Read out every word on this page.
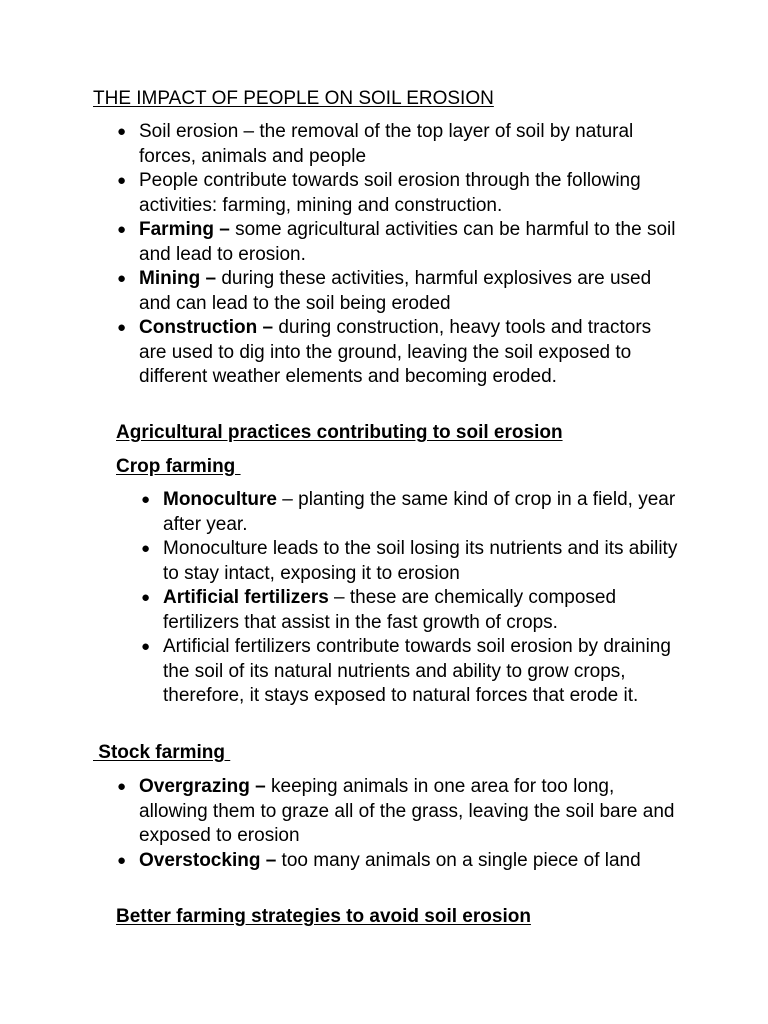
THE IMPACT OF PEOPLE ON SOIL EROSION
● Soil erosion – the removal of the top layer of soil by natural forces, animals and people
● People contribute towards soil erosion through the following activities: farming, mining and construction.
● Farming – some agricultural activities can be harmful to the soil and lead to erosion.
● Mining – during these activities, harmful explosives are used and can lead to the soil being eroded
● Construction – during construction, heavy tools and tractors are used to dig into the ground, leaving the soil exposed to different weather elements and becoming eroded.
Agricultural practices contributing to soil erosion
Crop farming
● Monoculture – planting the same kind of crop in a field, year after year.
● Monoculture leads to the soil losing its nutrients and its ability to stay intact, exposing it to erosion
● Artificial fertilizers – these are chemically composed fertilizers that assist in the fast growth of crops.
● Artificial fertilizers contribute towards soil erosion by draining the soil of its natural nutrients and ability to grow crops, therefore, it stays exposed to natural forces that erode it.
Stock farming
● Overgrazing – keeping animals in one area for too long, allowing them to graze all of the grass, leaving the soil bare and exposed to erosion
● Overstocking – too many animals on a single piece of land
Better farming strategies to avoid soil erosion
